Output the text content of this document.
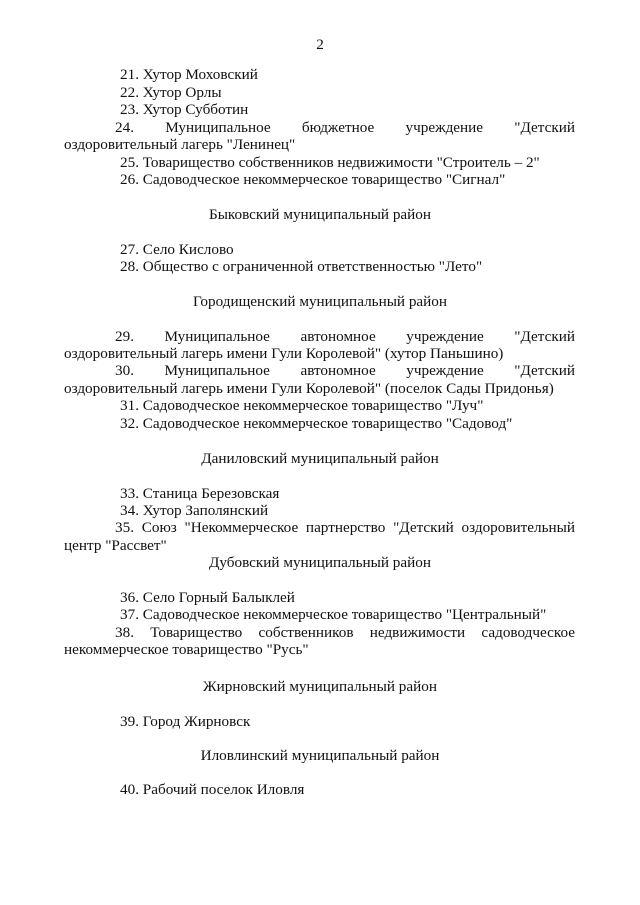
2
21. Хутор Моховский
22. Хутор Орлы
23. Хутор Субботин
24. Муниципальное бюджетное учреждение "Детский
оздоровительный лагерь "Ленинец"
25. Товарищество собственников недвижимости "Строитель – 2"
26. Садоводческое некоммерческое товарищество "Сигнал"
Быковский муниципальный район
27. Село Кислово
28. Общество с ограниченной ответственностью "Лето"
Городищенский муниципальный район
29. Муниципальное автономное учреждение "Детский
оздоровительный лагерь имени Гули Королевой" (хутор Паньшино)
30. Муниципальное автономное учреждение "Детский
оздоровительный лагерь имени Гули Королевой" (поселок Сады Придонья)
31. Садоводческое некоммерческое товарищество "Луч"
32. Садоводческое некоммерческое товарищество "Садовод"
Даниловский муниципальный район
33. Станица Березовская
34. Хутор Заполянский
35. Союз "Некоммерческое партнерство "Детский оздоровительный
центр "Рассвет"
Дубовский муниципальный район
36. Село Горный Балыклей
37. Садоводческое некоммерческое товарищество "Центральный"
38. Товарищество собственников недвижимости садоводческое
некоммерческое товарищество "Русь"
Жирновский муниципальный район
39. Город Жирновск
Иловлинский муниципальный район
40. Рабочий поселок Иловля
